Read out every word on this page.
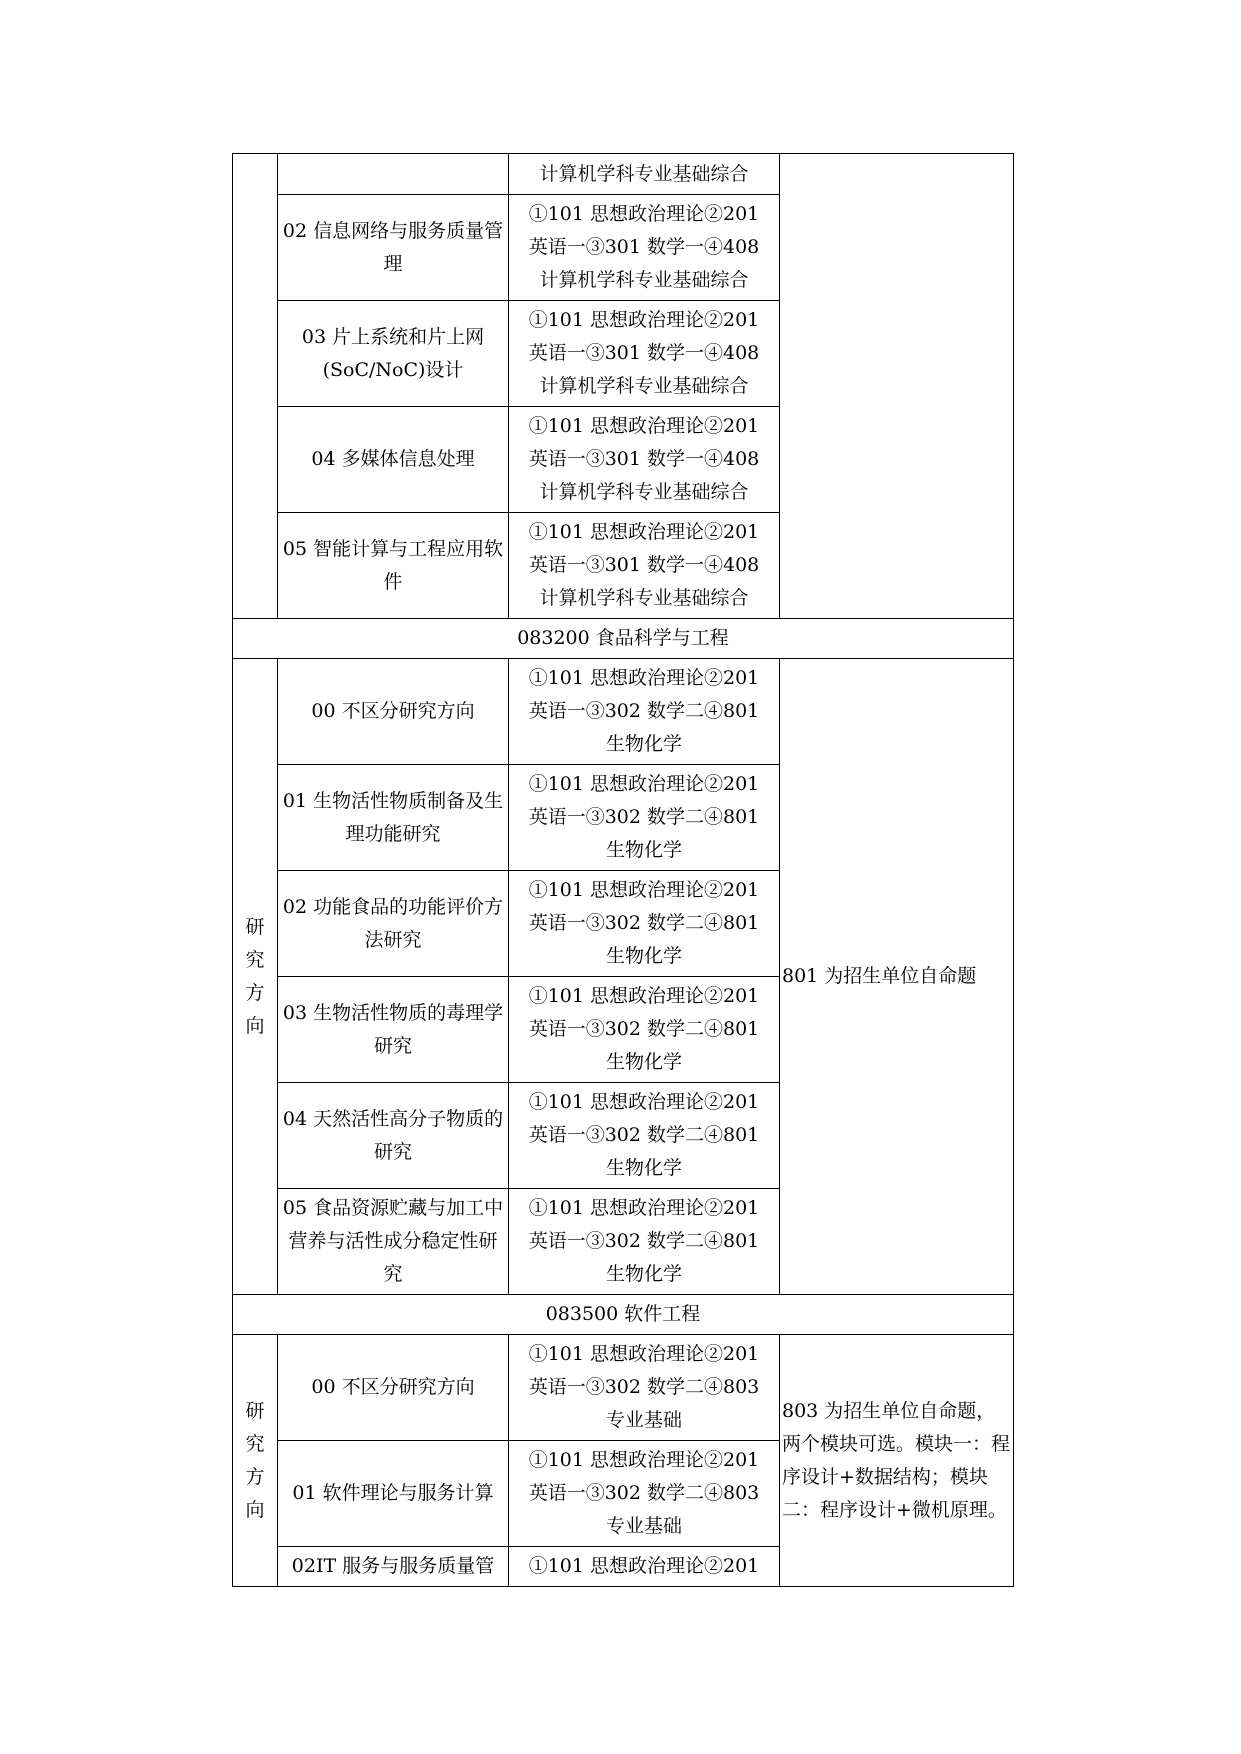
		计算机学科专业基础综合	

	02 信息网络与服务质量管理	①101 思想政治理论②201
英语一③301 数学一④408
计算机学科专业基础综合	

	03 片上系统和片上网(SoC/NoC)设计	①101 思想政治理论②201
英语一③301 数学一④408
计算机学科专业基础综合	

	04 多媒体信息处理	①101 思想政治理论②201
英语一③301 数学一④408
计算机学科专业基础综合	

	05 智能计算与工程应用软件	①101 思想政治理论②201
英语一③301 数学一④408
计算机学科专业基础综合	

083200 食品科学与工程			

研
究
方
向	00 不区分研究方向	①101 思想政治理论②201
英语一③302 数学二④801
生物化学	801 为招生单位自命题
	01 生物活性物质制备及生理功能研究	①101 思想政治理论②201
英语一③302 数学二④801
生物化学	

	02 功能食品的功能评价方法研究	①101 思想政治理论②201
英语一③302 数学二④801
生物化学	

	03 生物活性物质的毒理学研究	①101 思想政治理论②201
英语一③302 数学二④801
生物化学	

	04 天然活性高分子物质的研究	①101 思想政治理论②201
英语一③302 数学二④801
生物化学	

	05 食品资源贮藏与加工中营养与活性成分稳定性研究	①101 思想政治理论②201
英语一③302 数学二④801
生物化学	

083500 软件工程			

研
究
方
向	00 不区分研究方向	①101 思想政治理论②201
英语一③302 数学二④803
专业基础	803 为招生单位自命题，两个模块可选。模块一：程序设计+数据结构；模块二：程序设计+微机原理。
	01 软件理论与服务计算	①101 思想政治理论②201
英语一③302 数学二④803
专业基础	

	02IT 服务与服务质量管	①101 思想政治理论②201	
